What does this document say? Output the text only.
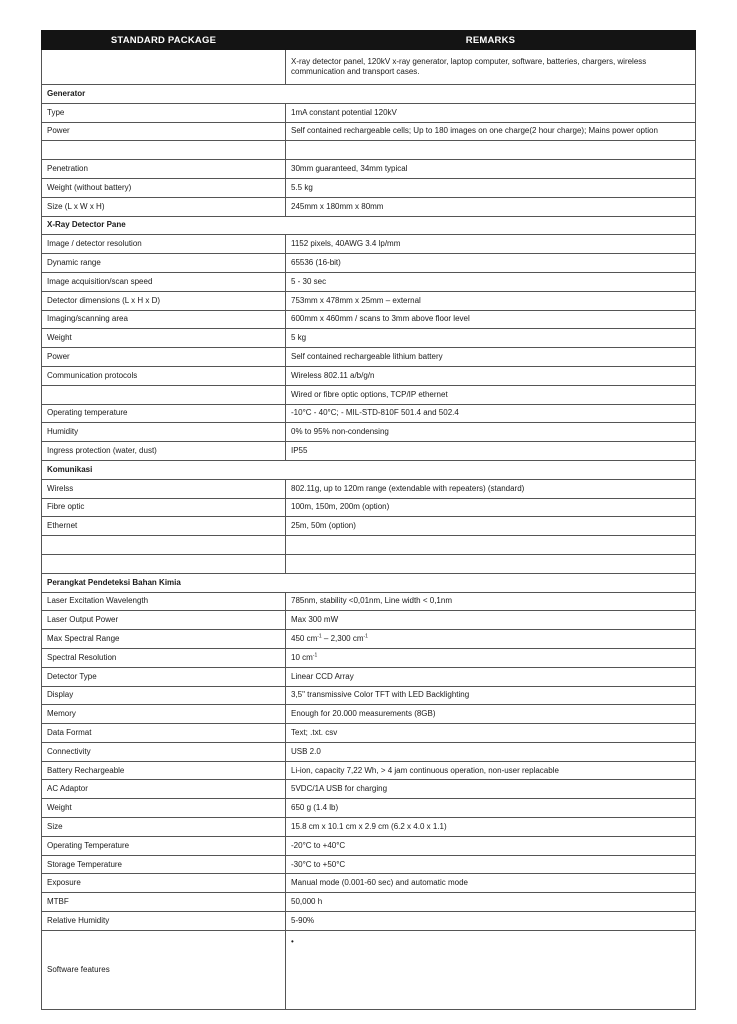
STANDARD PACKAGE	REMARKS
	X-ray detector panel, 120kV x-ray generator, laptop computer, software, batteries, chargers, wireless communication and transport cases.
Generator	
Type	1mA constant potential 120kV
Power	Self contained rechargeable cells; Up to 180 images on one charge(2 hour charge); Mains power option

Penetration	30mm guaranteed, 34mm typical
Weight (without battery)	5.5 kg
Size (L x W x H)	245mm x 180mm x 80mm
X-Ray Detector Pane	
Image / detector resolution	1152 pixels, 40AWG 3.4 lp/mm
Dynamic range	65536 (16-bit)
Image acquisition/scan speed	5 - 30 sec
Detector dimensions (L x H x D)	753mm x 478mm x 25mm – external
Imaging/scanning area	600mm x 460mm / scans to 3mm above floor level
Weight	5 kg
Power	Self contained rechargeable lithium battery
Communication protocols	Wireless 802.11 a/b/g/n
	Wired or fibre optic options, TCP/IP ethernet
Operating temperature	-10°C - 40°C; - MIL-STD-810F 501.4 and 502.4
Humidity	0% to 95% non-condensing
Ingress protection (water, dust)	IP55
Komunikasi	
Wirelss	802.11g, up to 120m range (extendable with repeaters) (standard)
Fibre optic	100m, 150m, 200m (option)
Ethernet	25m, 50m (option)

Perangkat Pendeteksi Bahan Kimia	
Laser Excitation Wavelength	785nm, stability <0,01nm, Line width < 0,1nm
Laser Output Power	Max 300 mW
Max Spectral Range	450 $cm^{-1} - 2,300$ $cm^{-1}$
Spectral Resolution	10 $cm^{-1}$
Detector Type	Linear CCD Array
Display	3,5" transmissive Color TFT with LED Backlighting
Memory	Enough for 20.000 measurements (8GB)
Data Format	Text; .txt. csv
Connectivity	USB 2.0
Battery Rechargeable	Li-ion, capacity 7,22 Wh, > 4 jam continuous operation, non-user replacable
AC Adaptor	5VDC/1A USB for charging
Weight	650 g (1.4 lb)
Size	15.8 cm x 10.1 cm x 2.9 cm (6.2 x 4.0 x 1.1)
Operating Temperature	-20°C to +40°C
Storage Temperature	-30°C to +50°C
Exposure	Manual mode (0.001-60 sec) and automatic mode
MTBF	50,000 h
Relative Humidity	5-90%
Software features	•
